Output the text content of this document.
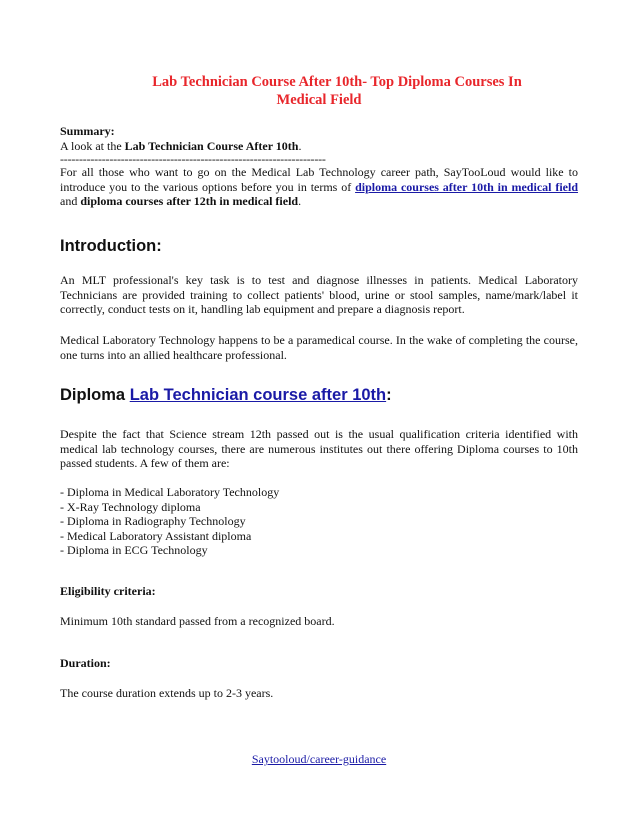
Lab Technician Course After 10th- Top Diploma Courses In
Medical Field
Summary:
A look at the Lab Technician Course After 10th.
----------------------------------------------------------------------
For all those who want to go on the Medical Lab Technology career path, SayTooLoud would like to introduce you to the various options before you in terms of diploma courses after 10th in medical field and diploma courses after 12th in medical field.
Introduction:
An MLT professional's key task is to test and diagnose illnesses in patients. Medical Laboratory Technicians are provided training to collect patients' blood, urine or stool samples, name/mark/label it correctly, conduct tests on it, handling lab equipment and prepare a diagnosis report.
Medical Laboratory Technology happens to be a paramedical course. In the wake of completing the course, one turns into an allied healthcare professional.
Diploma Lab Technician course after 10th:
Despite the fact that Science stream 12th passed out is the usual qualification criteria identified with medical lab technology courses, there are numerous institutes out there offering Diploma courses to 10th passed students. A few of them are:
- Diploma in Medical Laboratory Technology
- X-Ray Technology diploma
- Diploma in Radiography Technology
- Medical Laboratory Assistant diploma
- Diploma in ECG Technology
Eligibility criteria:
Minimum 10th standard passed from a recognized board.
Duration:
The course duration extends up to 2-3 years.
Saytooloud/career-guidance
